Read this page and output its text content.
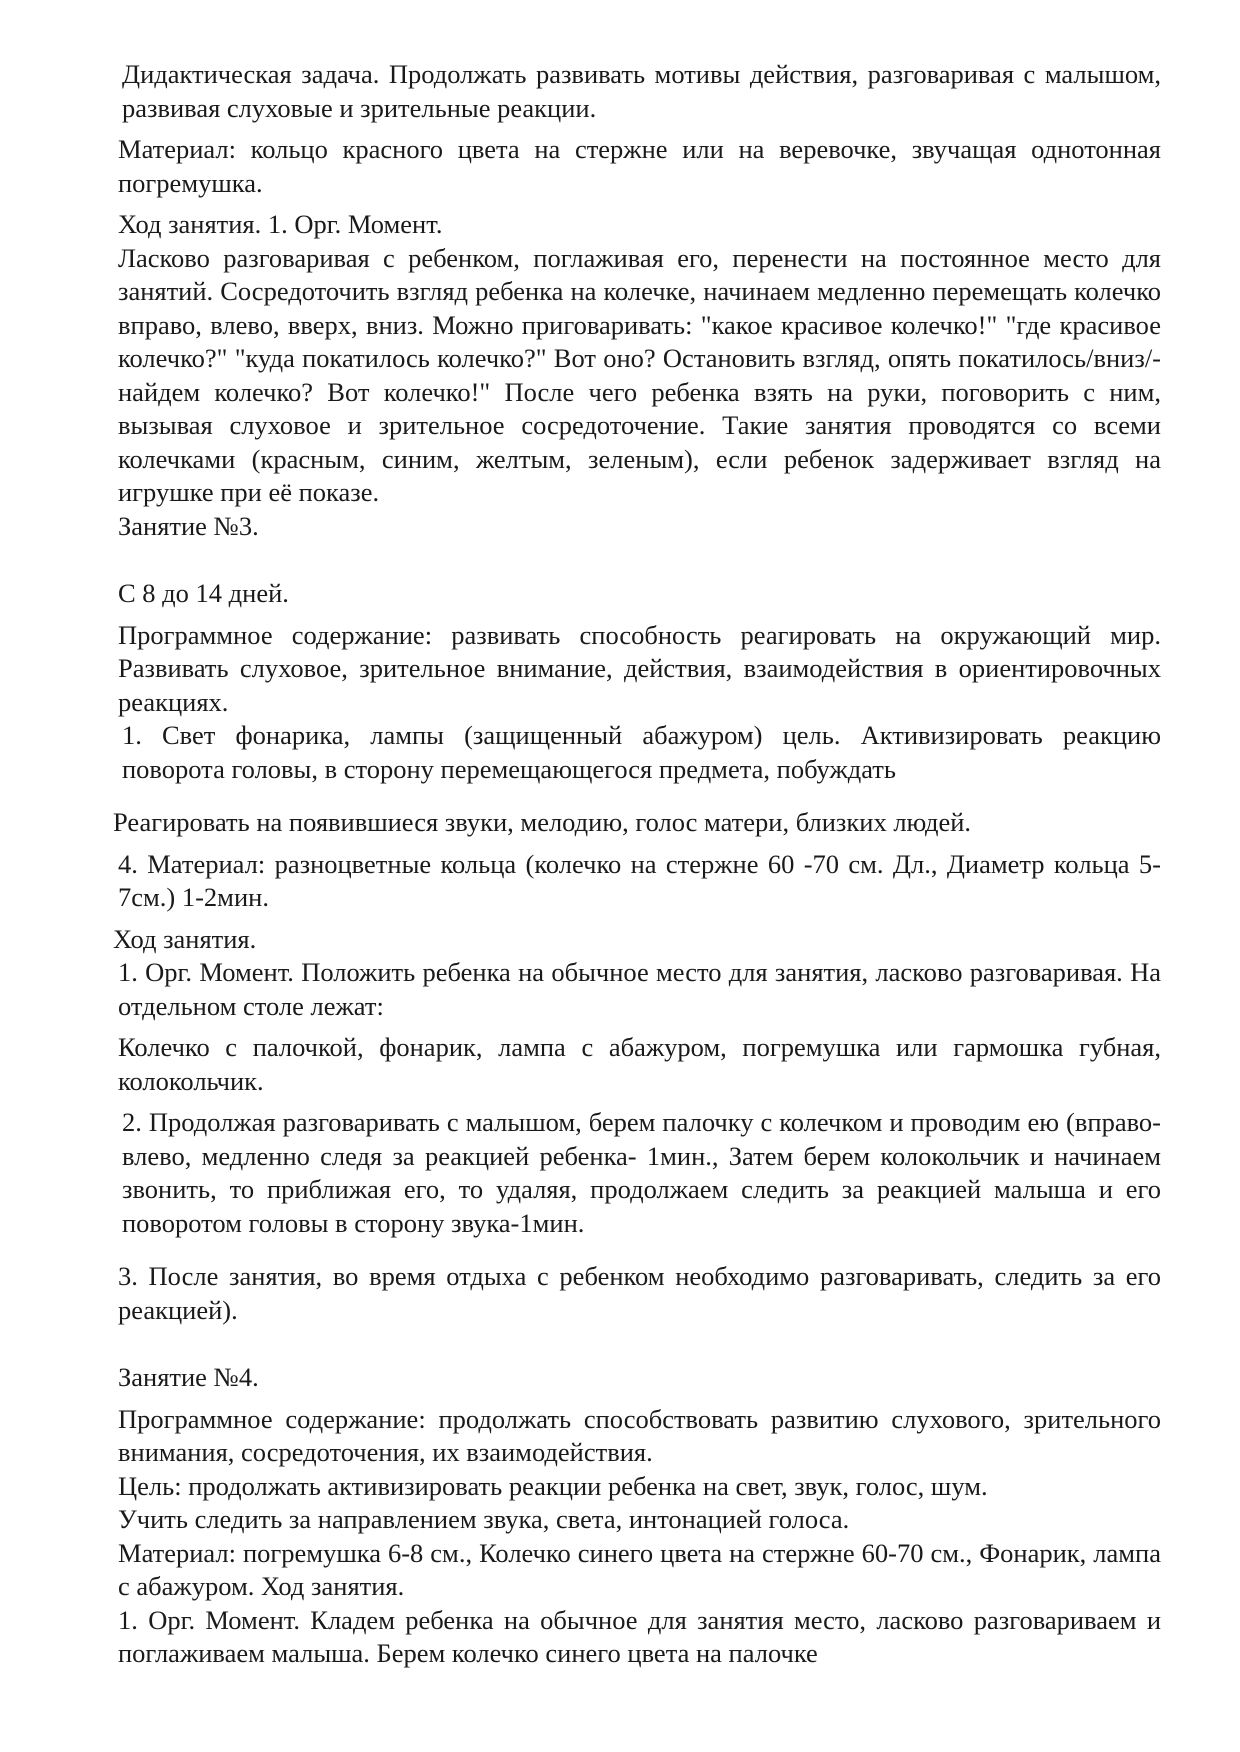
Дидактическая задача. Продолжать развивать мотивы действия, разговаривая с малышом, развивая слуховые и зрительные реакции.

Материал: кольцо красного цвета на стержне или на веревочке, звучащая однотонная погремушка.

Ход занятия. 1. Орг. Момент.

Ласково разговаривая с ребенком, поглаживая его, перенести на постоянное место для занятий. Сосредоточить взгляд ребенка на колечке, начинаем медленно перемещать колечко вправо, влево, вверх, вниз. Можно приговаривать: "какое красивое колечко!" "где красивое колечко?" "куда покатилось колечко?" Вот оно? Остановить взгляд, опять покатилось/вниз/- найдем колечко? Вот колечко!" После чего ребенка взять на руки, поговорить с ним, вызывая слуховое и зрительное сосредоточение. Такие занятия проводятся со всеми колечками (красным, синим, желтым, зеленым), если ребенок задерживает взгляд на игрушке при её показе.

Занятие №3.

С 8 до 14 дней.

Программное содержание: развивать способность реагировать на окружающий мир. Развивать слуховое, зрительное внимание, действия, взаимодействия в ориентировочных реакциях.

1. Свет фонарика, лампы (защищенный абажуром) цель. Активизировать реакцию поворота головы, в сторону перемещающегося предмета, побуждать

Реагировать на появившиеся звуки, мелодию, голос матери, близких людей.

4. Материал: разноцветные кольца (колечко на стержне 60 -70 см. Дл., Диаметр кольца 5-7см.) 1-2мин.

Ход занятия.

1. Орг. Момент. Положить ребенка на обычное место для занятия, ласково разговаривая. На отдельном столе лежат:

Колечко с палочкой, фонарик, лампа с абажуром, погремушка или гармошка губная, колокольчик.

2. Продолжая разговаривать с малышом, берем палочку с колечком и проводим ею (вправо-влево, медленно следя за реакцией ребенка- 1мин., Затем берем колокольчик и начинаем звонить, то приближая его, то удаляя, продолжаем следить за реакцией малыша и его поворотом головы в сторону звука-1мин.

3. После занятия, во время отдыха с ребенком необходимо разговаривать, следить за его реакцией).

Занятие №4.

Программное содержание: продолжать способствовать развитию слухового, зрительного внимания, сосредоточения, их взаимодействия.

Цель: продолжать активизировать реакции ребенка на свет, звук, голос, шум.

Учить следить за направлением звука, света, интонацией голоса.

Материал: погремушка 6-8 см., Колечко синего цвета на стержне 60-70 см., Фонарик, лампа с абажуром. Ход занятия.

1. Орг. Момент. Кладем ребенка на обычное для занятия место, ласково разговариваем и поглаживаем малыша. Берем колечко синего цвета на палочке
